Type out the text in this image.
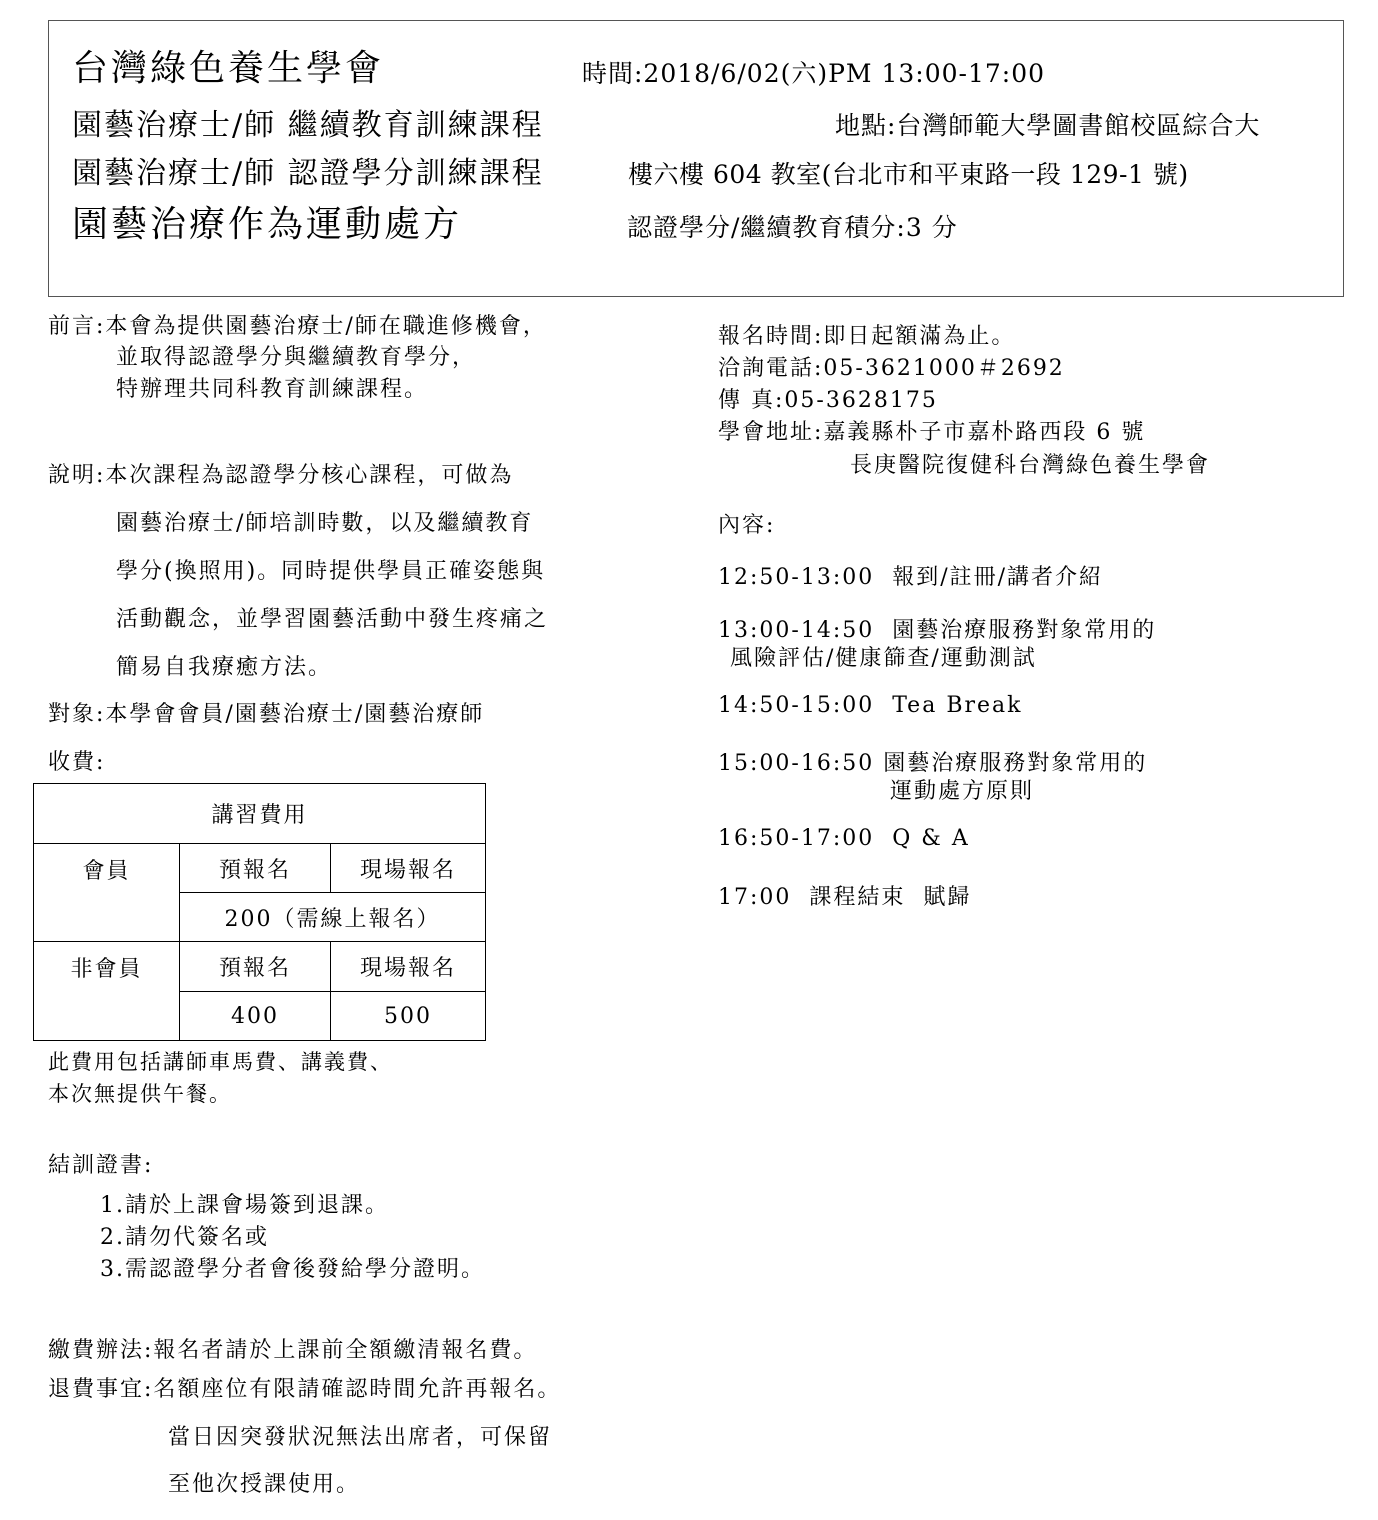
台灣綠色養生學會	時間:2018/6/02(六)PM 13:00-17:00
園藝治療士/師 繼續教育訓練課程	地點:台灣師範大學圖書館校區綜合大
園藝治療士/師 認證學分訓練課程	樓六樓 604 教室(台北市和平東路一段 129-1 號)
園藝治療作為運動處方	認證學分/繼續教育積分:3 分
前言:本會為提供園藝治療士/師在職進修機會，
並取得認證學分與繼續教育學分，
特辦理共同科教育訓練課程。
說明:本次課程為認證學分核心課程，可做為
園藝治療士/師培訓時數，以及繼續教育
學分(換照用)。同時提供學員正確姿態與
活動觀念，並學習園藝活動中發生疼痛之
簡易自我療癒方法。
對象:本學會會員/園藝治療士/園藝治療師
收費:
講習費用		
會員	預報名	現場報名
	200（需線上報名）	
非會員	預報名	現場報名
	400	500
此費用包括講師車馬費、講義費、
本次無提供午餐。
結訓證書:
1.請於上課會場簽到退課。
2.請勿代簽名或
3.需認證學分者會後發給學分證明。
繳費辦法:報名者請於上課前全額繳清報名費。
退費事宜:名額座位有限請確認時間允許再報名。
當日因突發狀況無法出席者，可保留
至他次授課使用。
報名時間:即日起額滿為止。
洽詢電話:05-3621000＃2692
傳 真:05-3628175
學會地址:嘉義縣朴子市嘉朴路西段 6 號
長庚醫院復健科台灣綠色養生學會
內容:
12:50-13:00  報到/註冊/講者介紹
13:00-14:50  園藝治療服務對象常用的
風險評估/健康篩查/運動測試
14:50-15:00  Tea Break
15:00-16:50 園藝治療服務對象常用的
運動處方原則
16:50-17:00  Q & A
17:00  課程結束  賦歸
